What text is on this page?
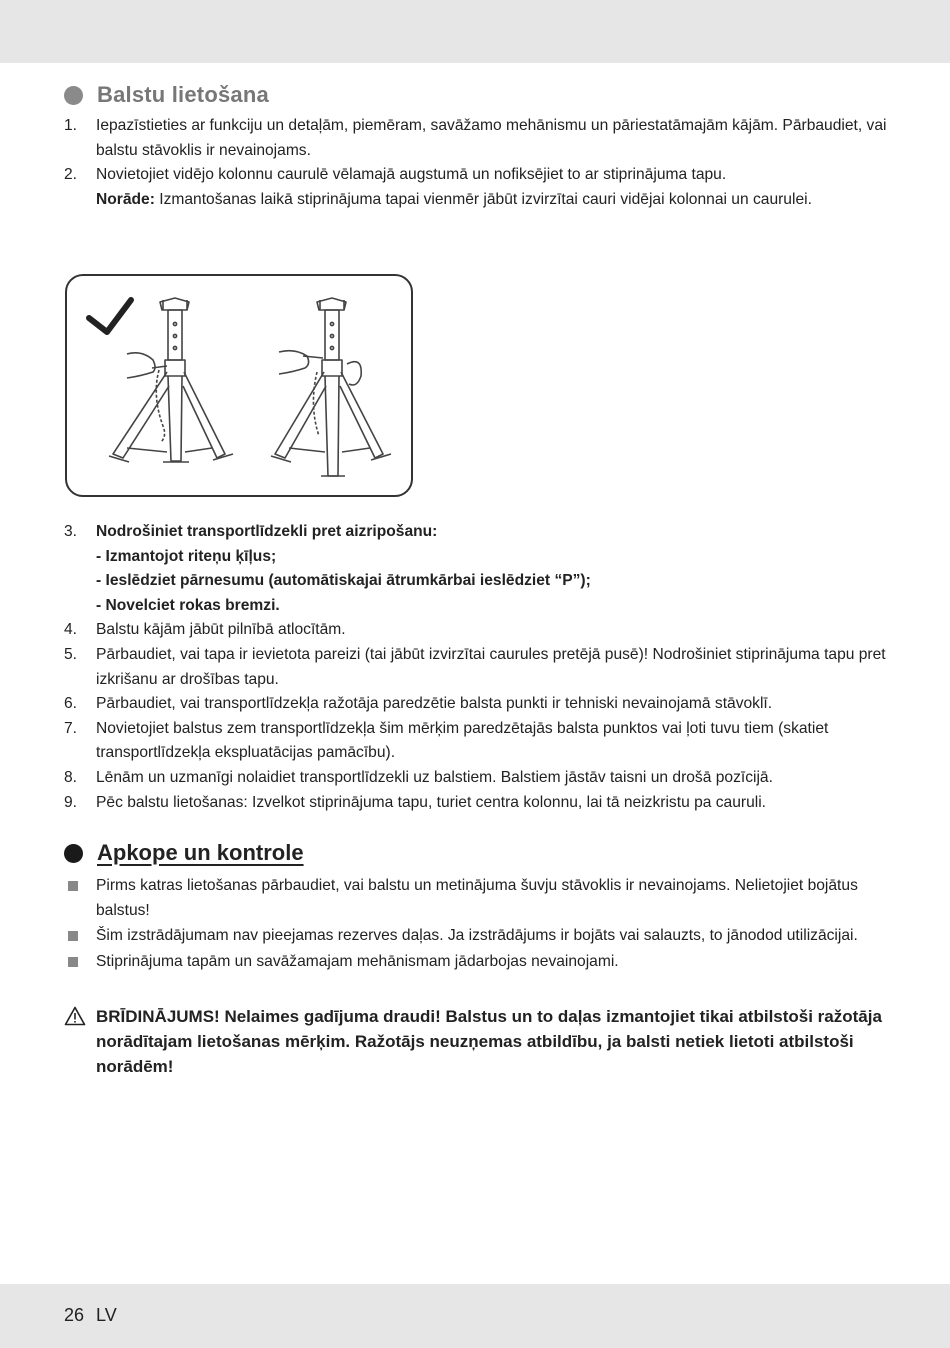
Balstu lietošana
1.	Iepazīstieties ar funkciju un detaļām, piemēram, savāžamo mehānismu un pāriestatāmajām kājām. Pārbaudiet, vai balstu stāvoklis ir nevainojams.
2.	Novietojiet vidējo kolonnu caurulē vēlamajā augstumā un nofiksējiet to ar stiprinājuma tapu.
Norāde: Izmantošanas laikā stiprinājuma tapai vienmēr jābūt izvirzītai cauri vidējai kolonnai un caurulei.
3.	Nodrošiniet transportlīdzekli pret aizripošanu:
- Izmantojot riteņu ķīļus;
- Ieslēdziet pārnesumu (automātiskajai ātrumkārbai ieslēdziet “P”);
- Novelciet rokas bremzi.
4.	Balstu kājām jābūt pilnībā atlocītām.
5.	Pārbaudiet, vai tapa ir ievietota pareizi (tai jābūt izvirzītai caurules pretējā pusē)! Nodrošiniet stiprinājuma tapu pret izkrišanu ar drošības tapu.
6.	Pārbaudiet, vai transportlīdzekļa ražotāja paredzētie balsta punkti ir tehniski nevainojamā stāvoklī.
7.	Novietojiet balstus zem transportlīdzekļa šim mērķim paredzētajās balsta punktos vai ļoti tuvu tiem (skatiet transportlīdzekļa ekspluatācijas pamācību).
8.	Lēnām un uzmanīgi nolaidiet transportlīdzekli uz balstiem. Balstiem jāstāv taisni un drošā pozīcijā.
9.	Pēc balstu lietošanas: Izvelkot stiprinājuma tapu, turiet centra kolonnu, lai tā neizkristu pa cauruli.
Apkope un kontrole
Pirms katras lietošanas pārbaudiet, vai balstu un metinājuma šuvju stāvoklis ir nevainojams. Nelietojiet bojātus balstus!
Šim izstrādājumam nav pieejamas rezerves daļas. Ja izstrādājums ir bojāts vai salauzts, to jānodod utilizācijai.
Stiprinājuma tapām un savāžamajam mehānismam jādarbojas nevainojami.
BRĪDINĀJUMS! Nelaimes gadījuma draudi! Balstus un to daļas izmantojiet tikai atbilstoši ražotāja norādītajam lietošanas mērķim. Ražotājs neuzņemas atbildību, ja balsti netiek lietoti atbilstoši norādēm!
26 LV
